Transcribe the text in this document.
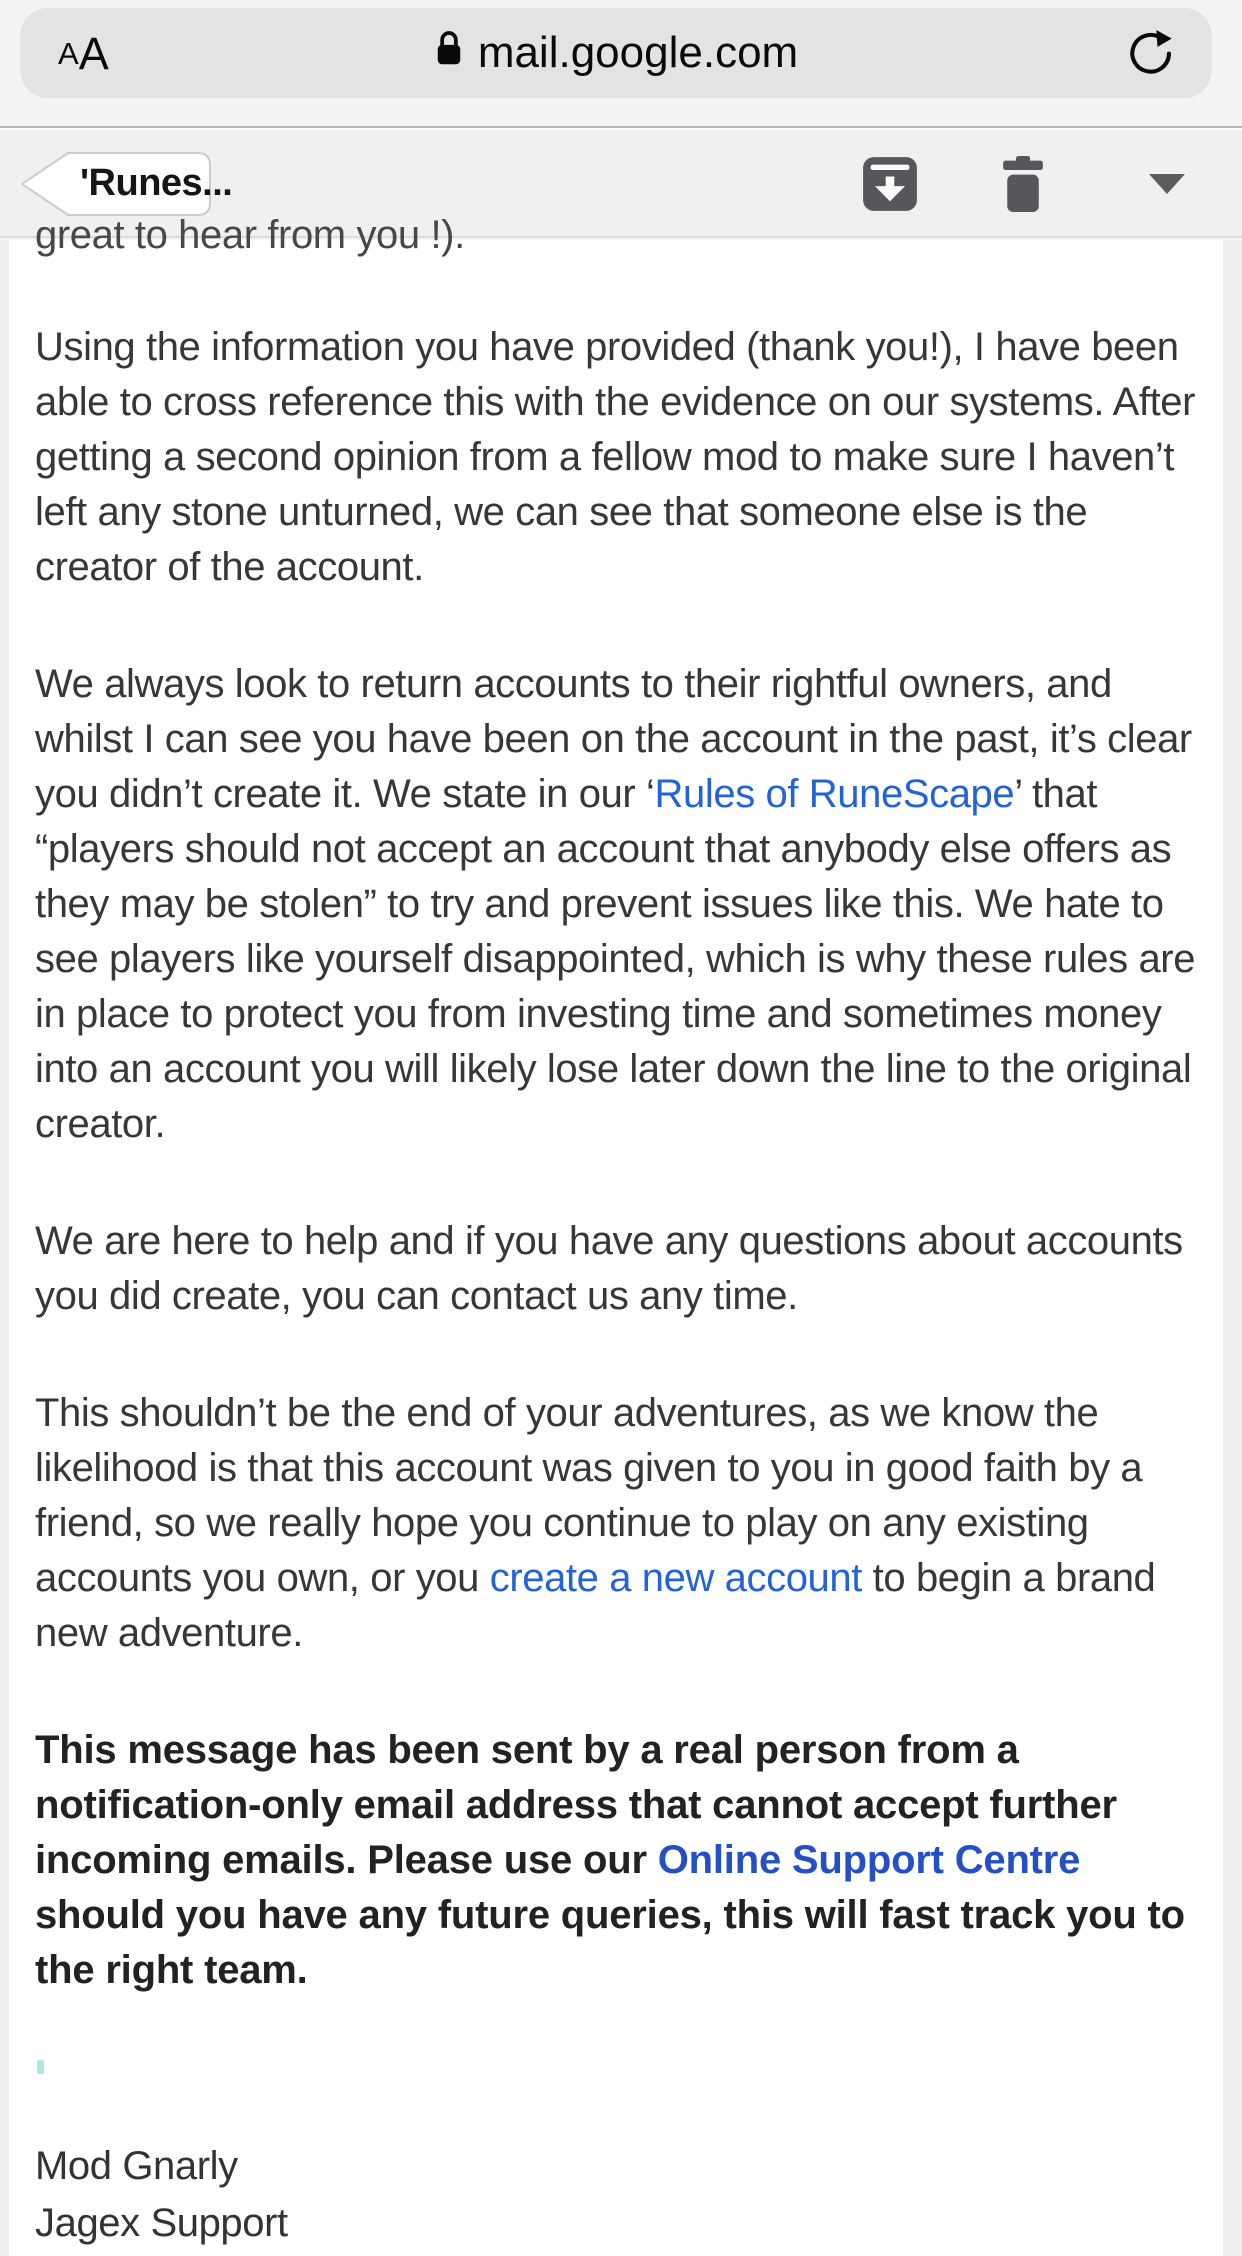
A A	mail.google.com
'Runes...
great to hear from you !).

Using the information you have provided (thank you!), I have been able to cross reference this with the evidence on our systems. After getting a second opinion from a fellow mod to make sure I haven’t left any stone unturned, we can see that someone else is the creator of the account.

We always look to return accounts to their rightful owners, and whilst I can see you have been on the account in the past, it’s clear you didn’t create it. We state in our ‘Rules of RuneScape’ that “players should not accept an account that anybody else offers as they may be stolen” to try and prevent issues like this. We hate to see players like yourself disappointed, which is why these rules are in place to protect you from investing time and sometimes money into an account you will likely lose later down the line to the original creator.

We are here to help and if you have any questions about accounts you did create, you can contact us any time.

This shouldn’t be the end of your adventures, as we know the likelihood is that this account was given to you in good faith by a friend, so we really hope you continue to play on any existing accounts you own, or you create a new account to begin a brand new adventure.

This message has been sent by a real person from a notification-only email address that cannot accept further incoming emails. Please use our Online Support Centre should you have any future queries, this will fast track you to the right team.

Mod Gnarly
Jagex Support
